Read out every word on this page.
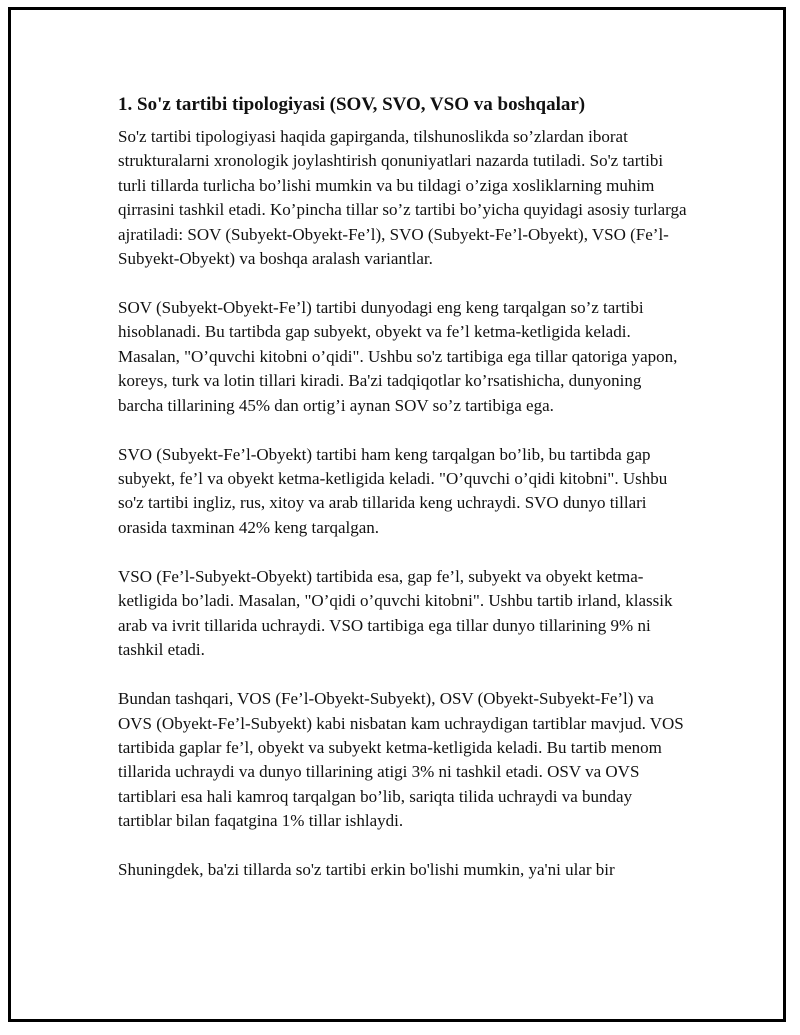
1. So'z tartibi tipologiyasi (SOV, SVO, VSO va boshqalar)

So'z tartibi tipologiyasi haqida gapirganda, tilshunoslikda so’zlardan iborat strukturalarni xronologik joylashtirish qonuniyatlari nazarda tutiladi. So'z tartibi turli tillarda turlicha bo’lishi mumkin va bu tildagi o’ziga xosliklarning muhim qirrasini tashkil etadi. Ko’pincha tillar so’z tartibi bo’yicha quyidagi asosiy turlarga ajratiladi: SOV (Subyekt-Obyekt-Fe’l), SVO (Subyekt-Fe’l-Obyekt), VSO (Fe’l-Subyekt-Obyekt) va boshqa aralash variantlar.

SOV (Subyekt-Obyekt-Fe’l) tartibi dunyodagi eng keng tarqalgan so’z tartibi hisoblanadi. Bu tartibda gap subyekt, obyekt va fe’l ketma-ketligida keladi. Masalan, "O’quvchi kitobni o’qidi". Ushbu so'z tartibiga ega tillar qatoriga yapon, koreys, turk va lotin tillari kiradi. Ba'zi tadqiqotlar ko’rsatishicha, dunyoning barcha tillarining 45% dan ortig’i aynan SOV so’z tartibiga ega.

SVO (Subyekt-Fe’l-Obyekt) tartibi ham keng tarqalgan bo’lib, bu tartibda gap subyekt, fe’l va obyekt ketma-ketligida keladi. "O’quvchi o’qidi kitobni". Ushbu so'z tartibi ingliz, rus, xitoy va arab tillarida keng uchraydi. SVO dunyo tillari orasida taxminan 42% keng tarqalgan.

VSO (Fe’l-Subyekt-Obyekt) tartibida esa, gap fe’l, subyekt va obyekt ketma-ketligida bo’ladi. Masalan, "O’qidi o’quvchi kitobni". Ushbu tartib irland, klassik arab va ivrit tillarida uchraydi. VSO tartibiga ega tillar dunyo tillarining 9% ni tashkil etadi.

Bundan tashqari, VOS (Fe’l-Obyekt-Subyekt), OSV (Obyekt-Subyekt-Fe’l) va OVS (Obyekt-Fe’l-Subyekt) kabi nisbatan kam uchraydigan tartiblar mavjud. VOS tartibida gaplar fe’l, obyekt va subyekt ketma-ketligida keladi. Bu tartib menom tillarida uchraydi va dunyo tillarining atigi 3% ni tashkil etadi. OSV va OVS tartiblari esa hali kamroq tarqalgan bo’lib, sariqta tilida uchraydi va bunday tartiblar bilan faqatgina 1% tillar ishlaydi.

Shuningdek, ba'zi tillarda so'z tartibi erkin bo'lishi mumkin, ya'ni ular bir
